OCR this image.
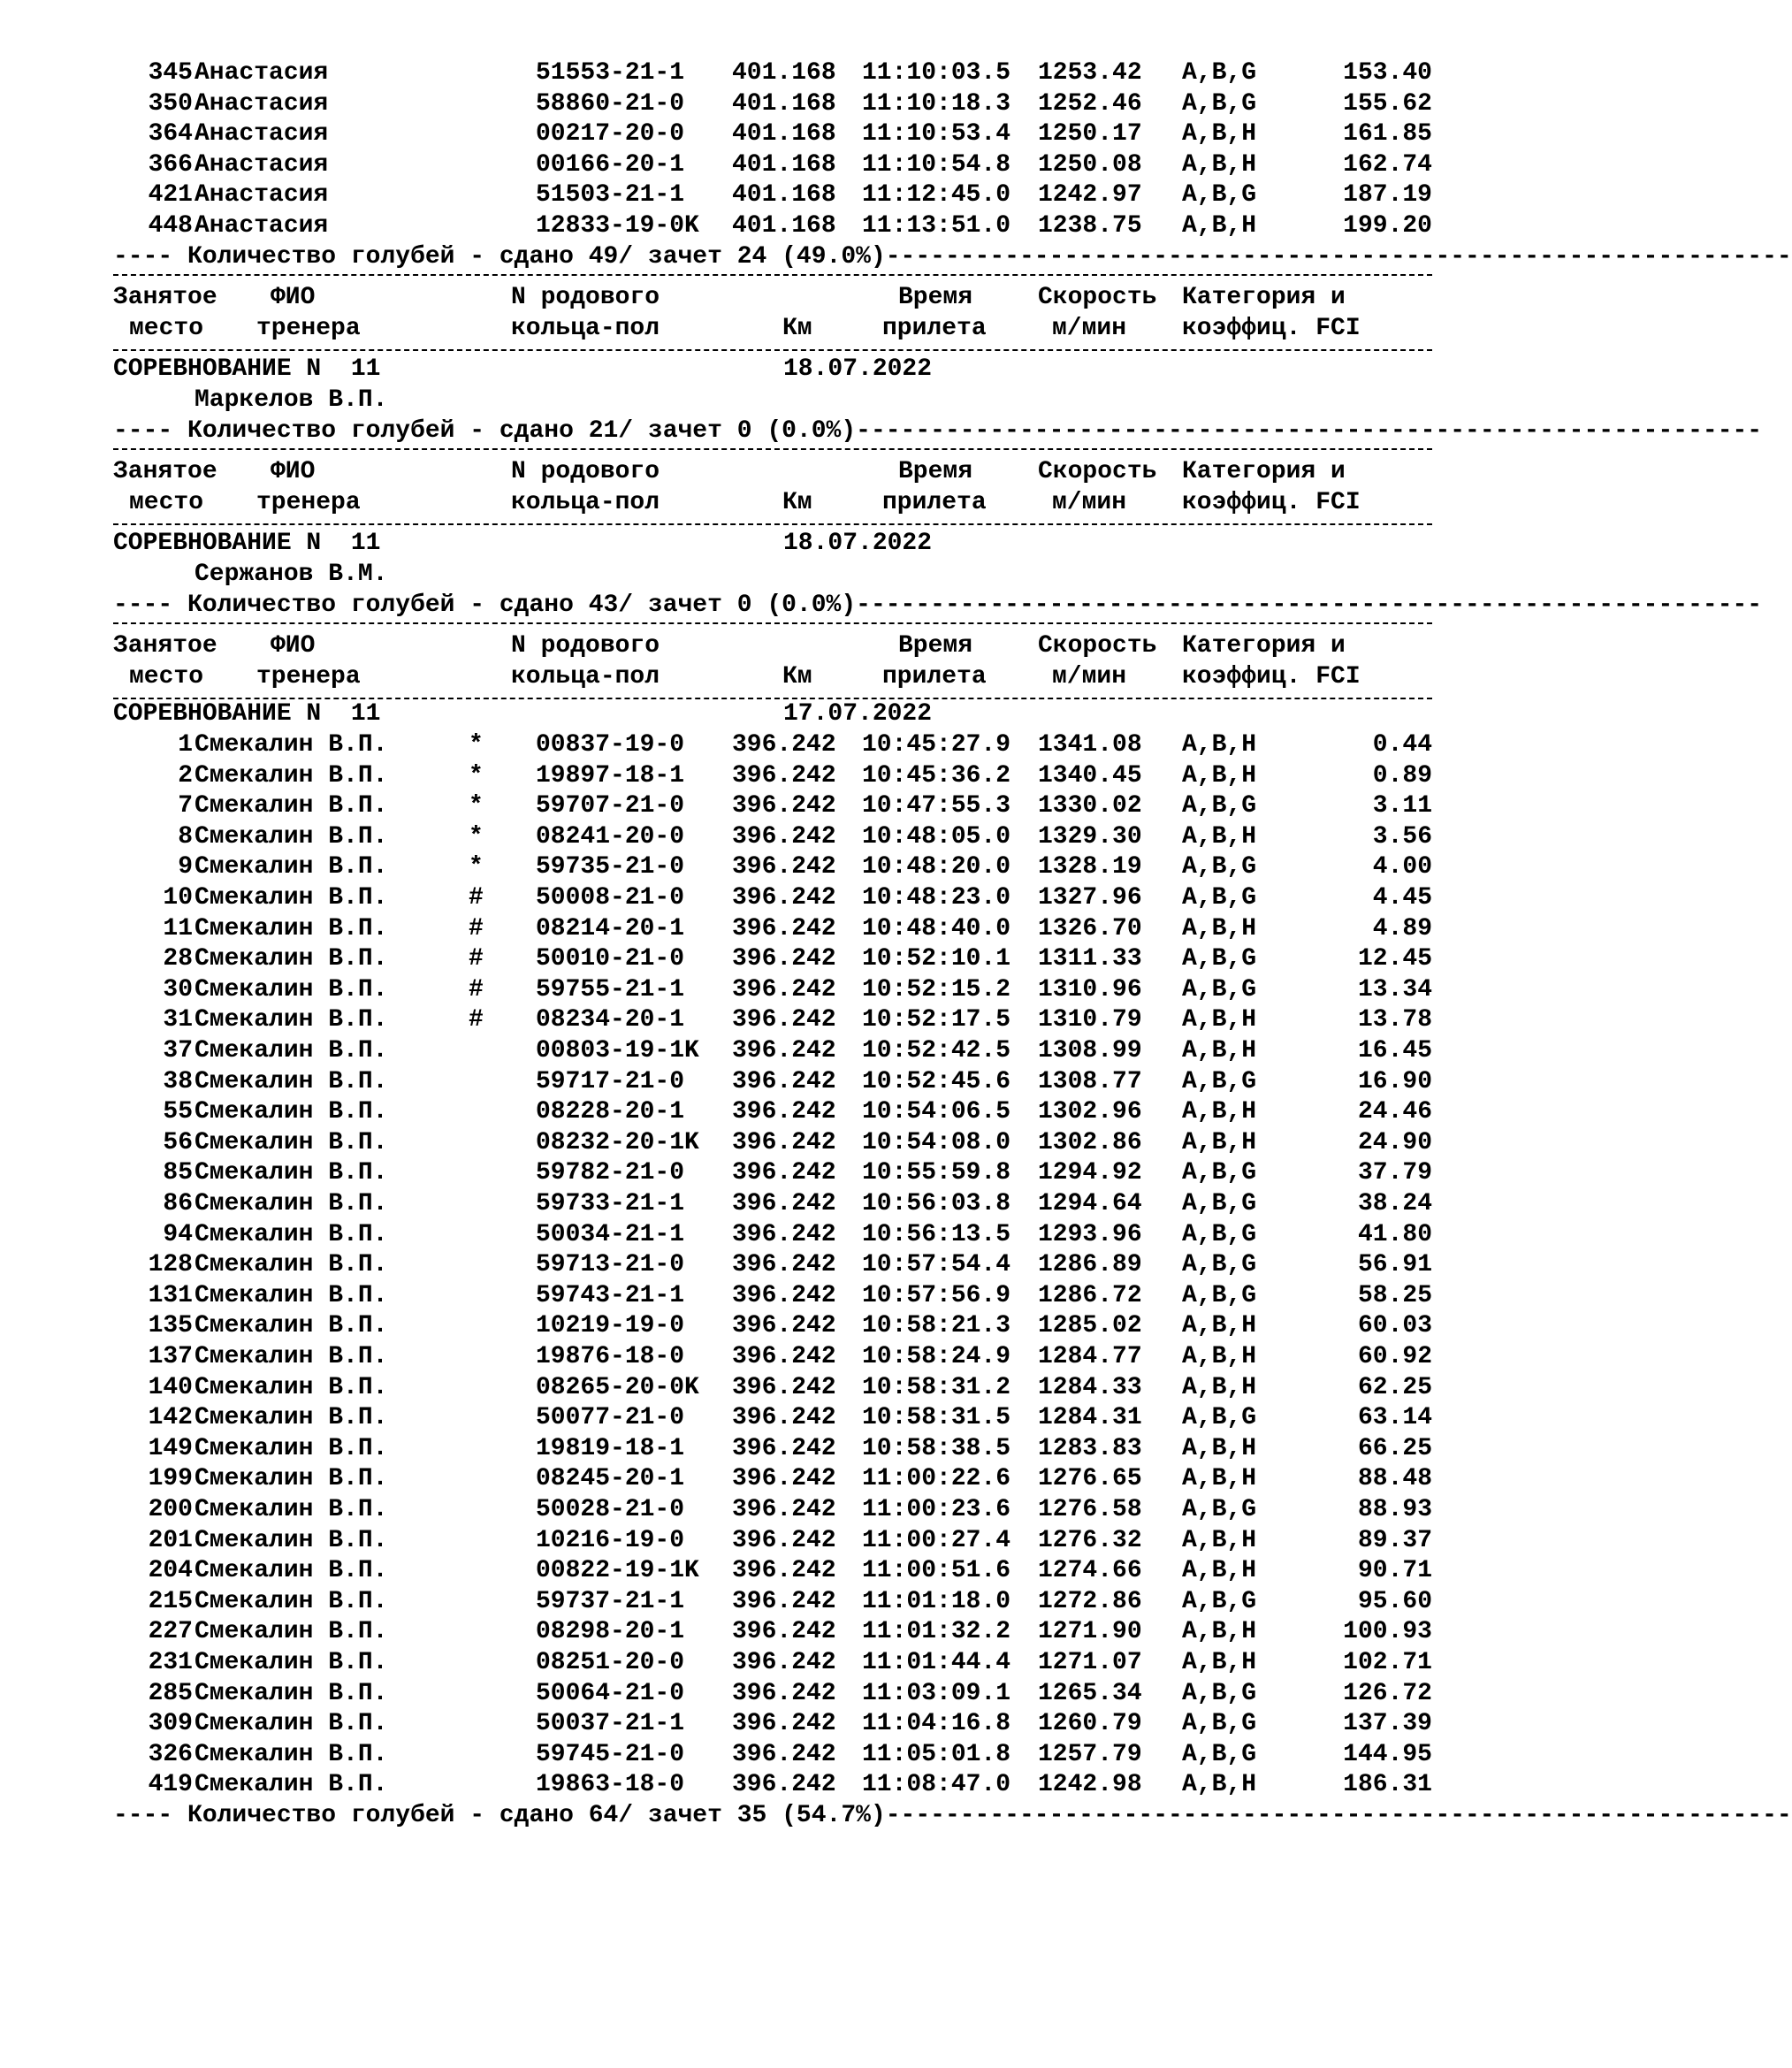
345 Анастасия	51553-21-1 401.168 11:10:03.5 1253.42 A,B,G	153.40
350 Анастасия	58860-21-0 401.168 11:10:18.3 1252.46 A,B,G	155.62
364 Анастасия	00217-20-0 401.168 11:10:53.4 1250.17 A,B,H	161.85
366 Анастасия	00166-20-1 401.168 11:10:54.8 1250.08 A,B,H	162.74
421 Анастасия	51503-21-1 401.168 11:12:45.0 1242.97 A,B,G	187.19
448 Анастасия	12833-19-0K 401.168 11:13:51.0 1238.75 A,B,H	199.20
---- Количество голубей - сдано 49/ зачет 24 (49.0%)-------------------------------------------------------------
Занятое ФИО	N родового	Время	Скорость Категория и
место тренера	кольца-пол	Км	прилета	м/мин коэффиц. FCI
СОРЕВНОВАНИЕ N  11	18.07.2022
Маркелов В.П.
---- Количество голубей - сдано 21/ зачет 0 (0.0%)-------------------------------------------------------------
Занятое ФИО	N родового	Время	Скорость Категория и
место тренера	кольца-пол	Км	прилета	м/мин коэффиц. FCI
СОРЕВНОВАНИЕ N  11	18.07.2022
Сержанов В.М.
---- Количество голубей - сдано 43/ зачет 0 (0.0%)-------------------------------------------------------------
Занятое ФИО	N родового	Время	Скорость Категория и
место тренера	кольца-пол	Км	прилета	м/мин коэффиц. FCI
СОРЕВНОВАНИЕ N  11	17.07.2022
1 Смекалин В.П.	* 00837-19-0 396.242 10:45:27.9 1341.08 A,B,H	0.44
2 Смекалин В.П.	* 19897-18-1 396.242 10:45:36.2 1340.45 A,B,H	0.89
7 Смекалин В.П.	* 59707-21-0 396.242 10:47:55.3 1330.02 A,B,G	3.11
8 Смекалин В.П.	* 08241-20-0 396.242 10:48:05.0 1329.30 A,B,H	3.56
9 Смекалин В.П.	* 59735-21-0 396.242 10:48:20.0 1328.19 A,B,G	4.00
10 Смекалин В.П.	# 50008-21-0 396.242 10:48:23.0 1327.96 A,B,G	4.45
11 Смекалин В.П.	# 08214-20-1 396.242 10:48:40.0 1326.70 A,B,H	4.89
28 Смекалин В.П.	# 50010-21-0 396.242 10:52:10.1 1311.33 A,B,G	12.45
30 Смекалин В.П.	# 59755-21-1 396.242 10:52:15.2 1310.96 A,B,G	13.34
31 Смекалин В.П.	# 08234-20-1 396.242 10:52:17.5 1310.79 A,B,H	13.78
37 Смекалин В.П.	00803-19-1K 396.242 10:52:42.5 1308.99 A,B,H	16.45
38 Смекалин В.П.	59717-21-0 396.242 10:52:45.6 1308.77 A,B,G	16.90
55 Смекалин В.П.	08228-20-1 396.242 10:54:06.5 1302.96 A,B,H	24.46
56 Смекалин В.П.	08232-20-1K 396.242 10:54:08.0 1302.86 A,B,H	24.90
85 Смекалин В.П.	59782-21-0 396.242 10:55:59.8 1294.92 A,B,G	37.79
86 Смекалин В.П.	59733-21-1 396.242 10:56:03.8 1294.64 A,B,G	38.24
94 Смекалин В.П.	50034-21-1 396.242 10:56:13.5 1293.96 A,B,G	41.80
128 Смекалин В.П.	59713-21-0 396.242 10:57:54.4 1286.89 A,B,G	56.91
131 Смекалин В.П.	59743-21-1 396.242 10:57:56.9 1286.72 A,B,G	58.25
135 Смекалин В.П.	10219-19-0 396.242 10:58:21.3 1285.02 A,B,H	60.03
137 Смекалин В.П.	19876-18-0 396.242 10:58:24.9 1284.77 A,B,H	60.92
140 Смекалин В.П.	08265-20-0K 396.242 10:58:31.2 1284.33 A,B,H	62.25
142 Смекалин В.П.	50077-21-0 396.242 10:58:31.5 1284.31 A,B,G	63.14
149 Смекалин В.П.	19819-18-1 396.242 10:58:38.5 1283.83 A,B,H	66.25
199 Смекалин В.П.	08245-20-1 396.242 11:00:22.6 1276.65 A,B,H	88.48
200 Смекалин В.П.	50028-21-0 396.242 11:00:23.6 1276.58 A,B,G	88.93
201 Смекалин В.П.	10216-19-0 396.242 11:00:27.4 1276.32 A,B,H	89.37
204 Смекалин В.П.	00822-19-1K 396.242 11:00:51.6 1274.66 A,B,H	90.71
215 Смекалин В.П.	59737-21-1 396.242 11:01:18.0 1272.86 A,B,G	95.60
227 Смекалин В.П.	08298-20-1 396.242 11:01:32.2 1271.90 A,B,H	100.93
231 Смекалин В.П.	08251-20-0 396.242 11:01:44.4 1271.07 A,B,H	102.71
285 Смекалин В.П.	50064-21-0 396.242 11:03:09.1 1265.34 A,B,G	126.72
309 Смекалин В.П.	50037-21-1 396.242 11:04:16.8 1260.79 A,B,G	137.39
326 Смекалин В.П.	59745-21-0 396.242 11:05:01.8 1257.79 A,B,G	144.95
419 Смекалин В.П.	19863-18-0 396.242 11:08:47.0 1242.98 A,B,H	186.31
---- Количество голубей - сдано 64/ зачет 35 (54.7%)-------------------------------------------------------------
